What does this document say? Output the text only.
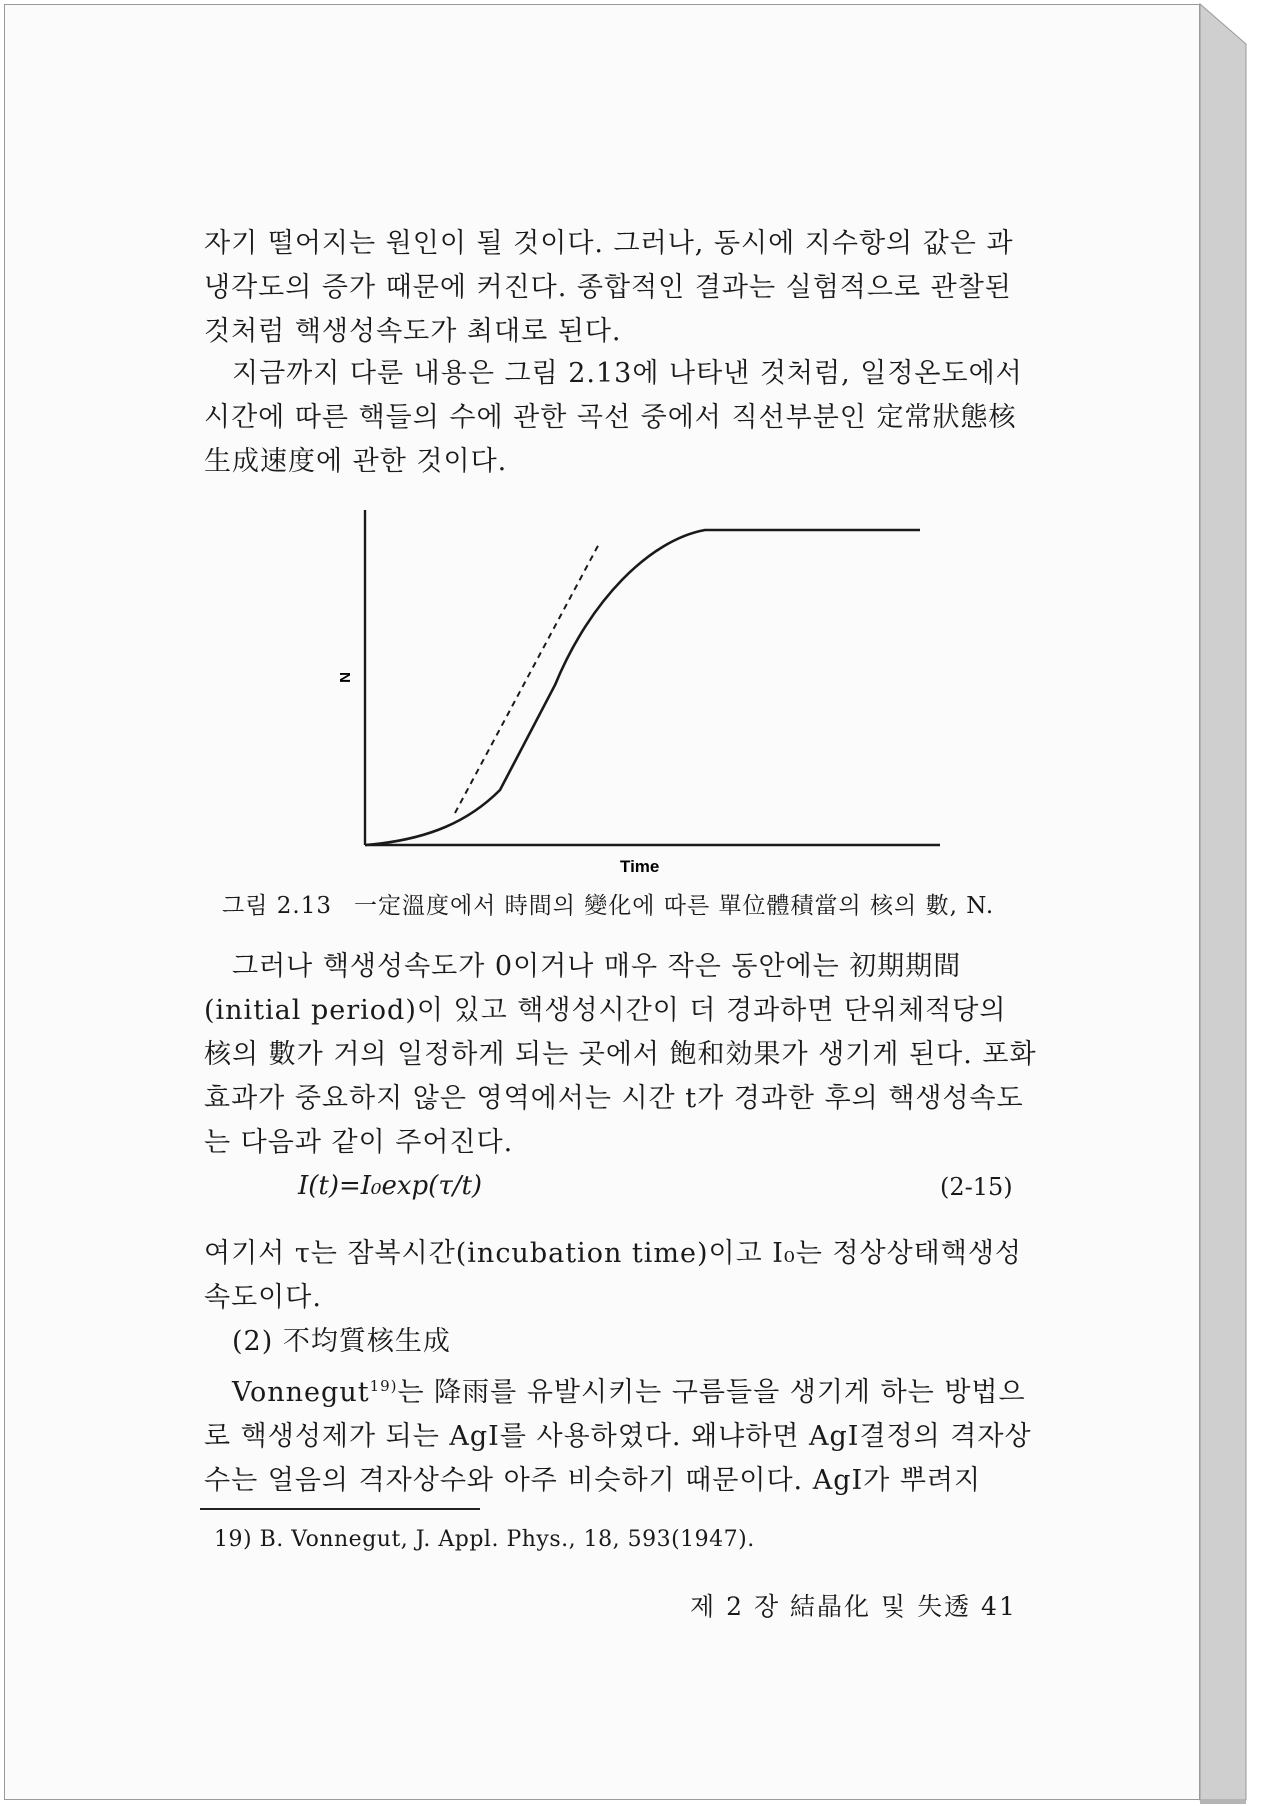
자기 떨어지는 원인이 될 것이다. 그러나, 동시에 지수항의 값은 과냉각도의 증가 때문에 커진다. 종합적인 결과는 실험적으로 관찰된 것처럼 핵생성속도가 최대로 된다.

지금까지 다룬 내용은 그림 2.13에 나타낸 것처럼, 일정온도에서 시간에 따른 핵들의 수에 관한 곡선 중에서 직선부분인 定常狀態核生成速度에 관한 것이다.

N
Time
그림 2.13 一定溫度에서 時間의 變化에 따른 單位體積當의 核의 數, N.

그러나 핵생성속도가 0이거나 매우 작은 동안에는 初期期間(initial period)이 있고 핵생성시간이 더 경과하면 단위체적당의 核의 數가 거의 일정하게 되는 곳에서 飽和効果가 생기게 된다. 포화효과가 중요하지 않은 영역에서는 시간 t가 경과한 후의 핵생성속도는 다음과 같이 주어진다.

I(t)=I₀exp(τ/t)	(2-15)

여기서 τ는 잠복시간(incubation time)이고 I₀는 정상상태핵생성속도이다.

(2) 不均質核生成

Vonnegut$^{19)}$는 降雨를 유발시키는 구름들을 생기게 하는 방법으로 핵생성제가 되는 AgI를 사용하였다. 왜냐하면 AgI결정의 격자상수는 얼음의 격자상수와 아주 비슷하기 때문이다. AgI가 뿌려지

19) B. Vonnegut, J. Appl. Phys., 18, 593(1947).
제 2 장 結晶化 및 失透 41
